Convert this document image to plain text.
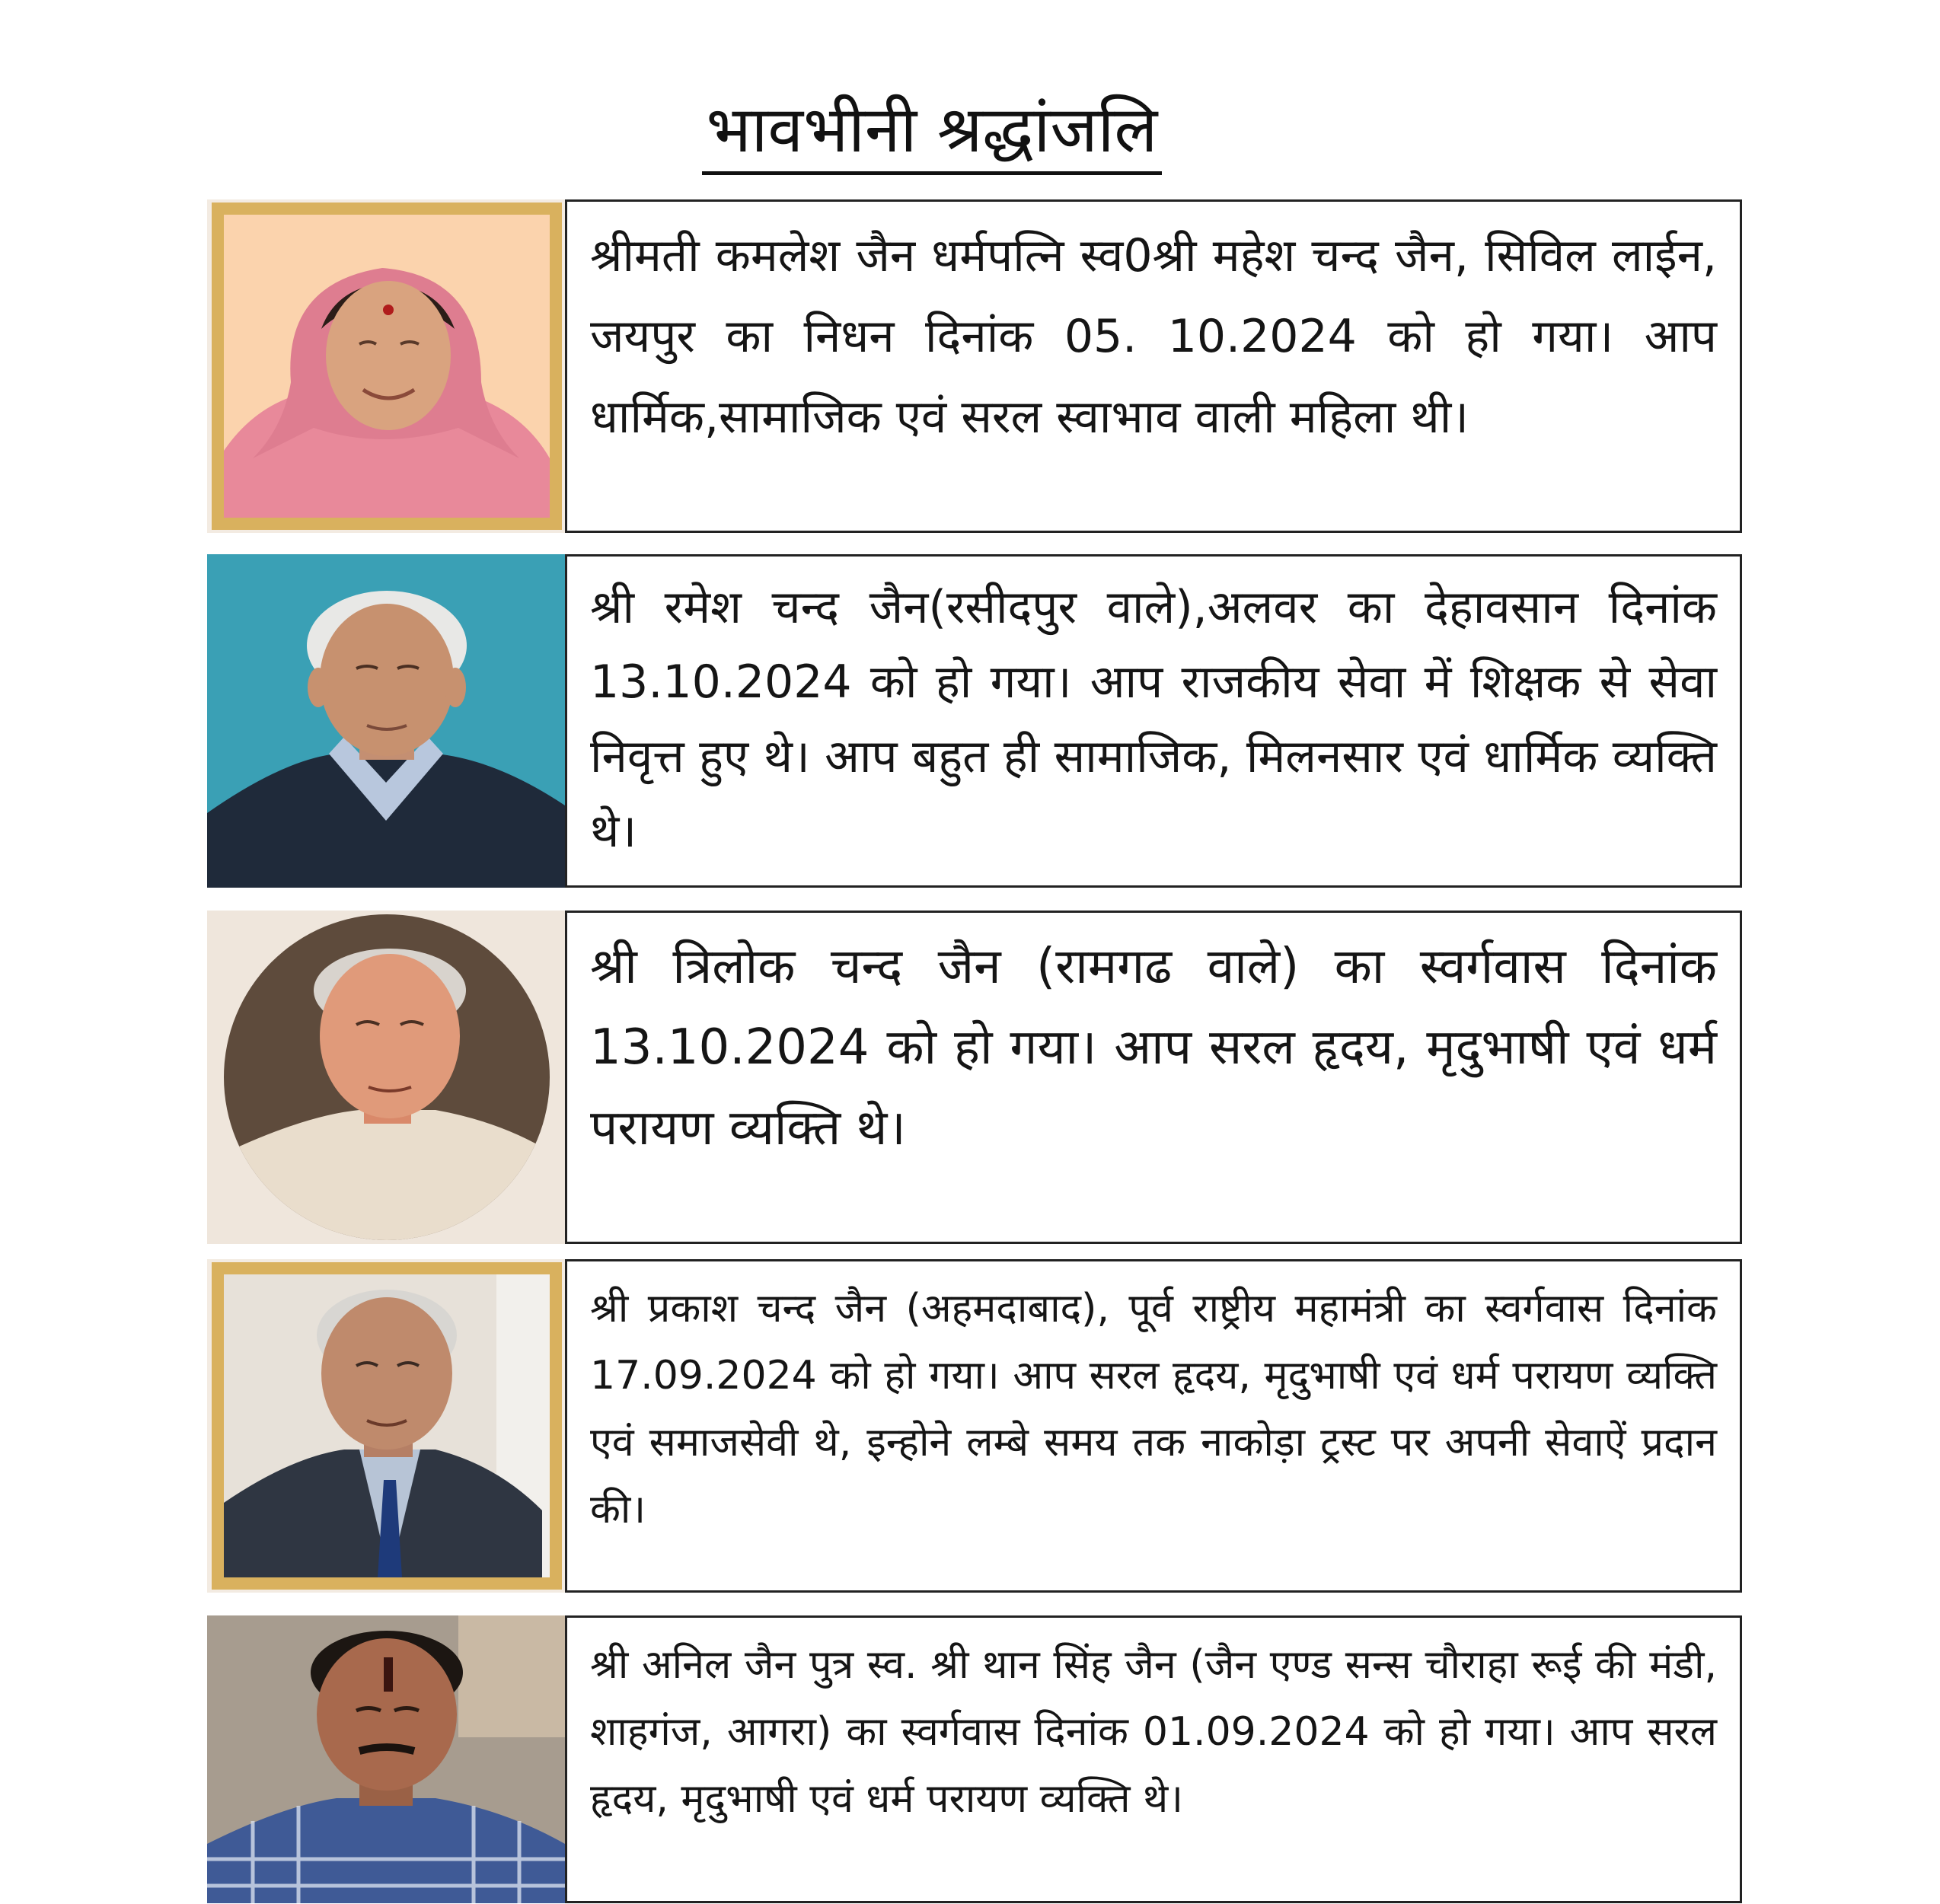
भावभीनी श्रद्धांजलि
श्रीमती कमलेश जैन धर्मपत्नि स्व0श्री महेश चन्द जैन, सिविल लाईन, जयपुर का निधन दिनांक 05. 10.2024 को हो गया। आप धार्मिक,सामाजिक एवं सरल स्वाभाव वाली महिला थी।
श्री रमेश चन्द जैन(रसीदपुर वाले),अलवर का देहावसान दिनांक 13.10.2024 को हो गया। आप राजकीय सेवा में शिक्षक से सेवा निवृत्त हुए थे। आप बहुत ही सामाजिक, मिलनसार एवं धार्मिक व्यक्ति थे।
श्री त्रिलोक चन्द जैन (रामगढ वाले) का स्वर्गवास दिनांक 13.10.2024 को हो गया। आप सरल हृदय, मृदुभाषी एवं धर्म परायण व्यक्ति थे।
श्री प्रकाश चन्द जैन (अहमदाबाद), पूर्व राष्ट्रीय महामंत्री का स्वर्गवास दिनांक 17.09.2024 को हो गया। आप सरल हृदय, मृदुभाषी एवं धर्म परायण व्यक्ति एवं समाजसेवी थे, इन्होने लम्बे समय तक नाकोड़ा ट्रस्ट पर अपनी सेवाऐं प्रदान की।
श्री अनिल जैन पुत्र स्व. श्री थान सिंह जैन (जैन एण्ड सन्स चौराहा रूई की मंडी, शाहगंज, आगरा) का स्वर्गवास दिनांक 01.09.2024 को हो गया। आप सरल हृदय, मृदुभाषी एवं धर्म परायण व्यक्ति थे।
